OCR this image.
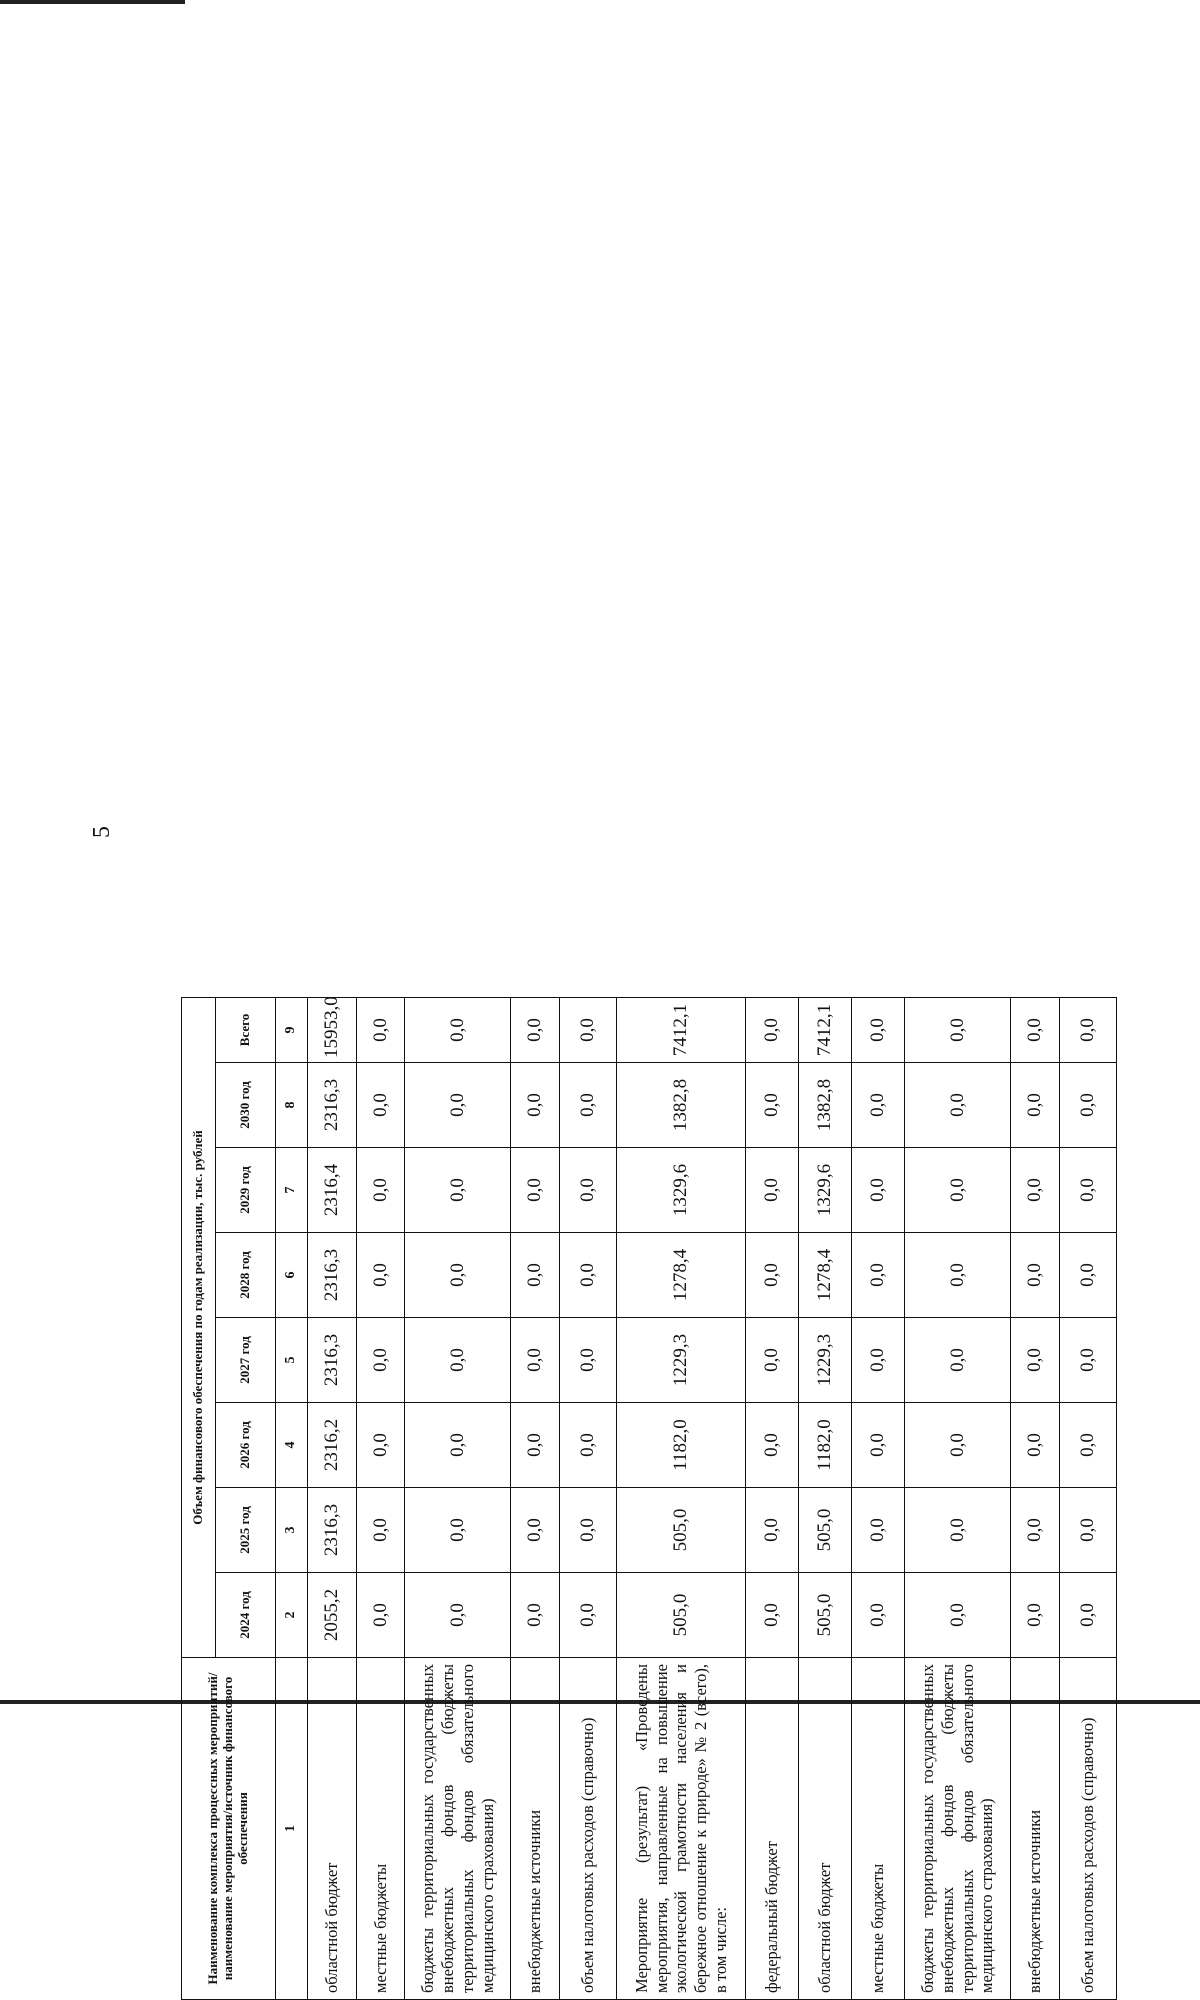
5
Наименование комплекса процессных мероприятий/наименование мероприятия/источник финансового обеспечения	Объем финансового обеспечения по годам реализации, тыс. рублей							
	2024 год	2025 год	2026 год	2027 год	2028 год	2029 год	2030 год	Всего
1	2	3	4	5	6	7	8	9
областной бюджет	2055,2	2316,3	2316,2	2316,3	2316,3	2316,4	2316,3	15953,0
местные бюджеты	0,0	0,0	0,0	0,0	0,0	0,0	0,0	0,0
бюджеты территориальных государственных внебюджетных фондов (бюджеты территориальных фондов обязательного медицинского страхования)	0,0	0,0	0,0	0,0	0,0	0,0	0,0	0,0
внебюджетные источники	0,0	0,0	0,0	0,0	0,0	0,0	0,0	0,0
объем налоговых расходов (справочно)	0,0	0,0	0,0	0,0	0,0	0,0	0,0	0,0
Мероприятие (результат) «Проведены мероприятия, направленные на повышение экологической грамотности населения и бережное отношение к природе» № 2 (всего), в том числе:	505,0	505,0	1182,0	1229,3	1278,4	1329,6	1382,8	7412,1
федеральный бюджет	0,0	0,0	0,0	0,0	0,0	0,0	0,0	0,0
областной бюджет	505,0	505,0	1182,0	1229,3	1278,4	1329,6	1382,8	7412,1
местные бюджеты	0,0	0,0	0,0	0,0	0,0	0,0	0,0	0,0
бюджеты территориальных государственных внебюджетных фондов (бюджеты территориальных фондов обязательного медицинского страхования)	0,0	0,0	0,0	0,0	0,0	0,0	0,0	0,0
внебюджетные источники	0,0	0,0	0,0	0,0	0,0	0,0	0,0	0,0
объем налоговых расходов (справочно)	0,0	0,0	0,0	0,0	0,0	0,0	0,0	0,0
